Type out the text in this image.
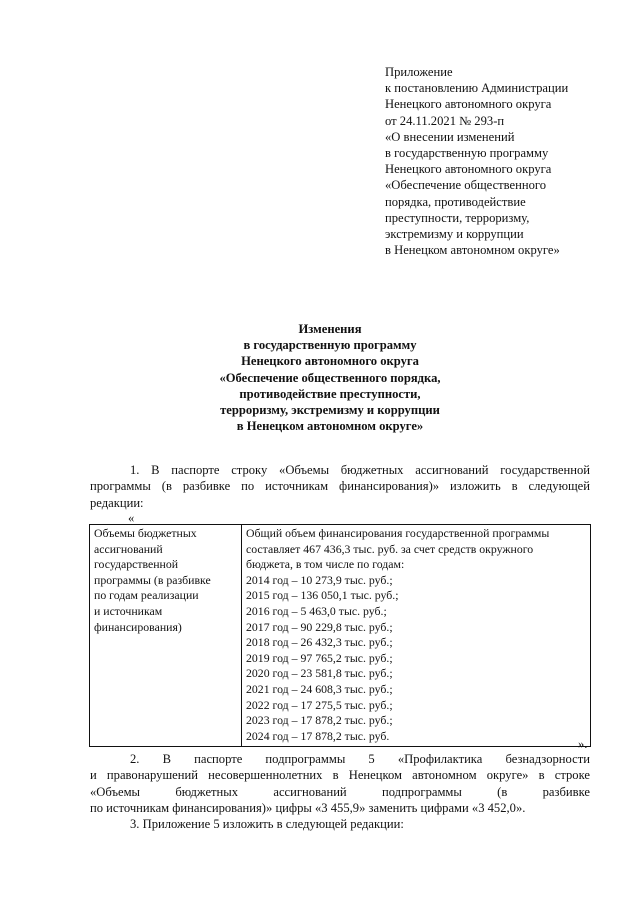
Приложение
к постановлению Администрации
Ненецкого автономного округа
от 24.11.2021 № 293-п
«О внесении изменений
в государственную программу
Ненецкого автономного округа
«Обеспечение общественного
порядка, противодействие
преступности, терроризму,
экстремизму и коррупции
в Ненецком автономном округе»
Изменения
в государственную программу
Ненецкого автономного округа
«Обеспечение общественного порядка,
противодействие преступности,
терроризму, экстремизму и коррупции
в Ненецком автономном округе»
1. В паспорте строку «Объемы бюджетных ассигнований государственной
программы (в разбивке по источникам финансирования)» изложить в следующей
редакции:
«
Объемы бюджетных
ассигнований
государственной
программы (в разбивке
по годам реализации
и источникам
финансирования)

Общий объем финансирования государственной программы
составляет 467 436,3 тыс. руб. за счет средств окружного
бюджета, в том числе по годам:
2014 год – 10 273,9 тыс. руб.;
2015 год – 136 050,1 тыс. руб.;
2016 год – 5 463,0 тыс. руб.;
2017 год – 90 229,8 тыс. руб.;
2018 год – 26 432,3 тыс. руб.;
2019 год – 97 765,2 тыс. руб.;
2020 год – 23 581,8 тыс. руб.;
2021 год – 24 608,3 тыс. руб.;
2022 год – 17 275,5 тыс. руб.;
2023 год – 17 878,2 тыс. руб.;
2024 год – 17 878,2 тыс. руб.
».
2. В паспорте подпрограммы 5 «Профилактика безнадзорности
и правонарушений несовершеннолетних в Ненецком автономном округе» в строке
«Объемы бюджетных ассигнований подпрограммы (в разбивке
по источникам финансирования)» цифры «3 455,9» заменить цифрами «3 452,0».
3. Приложение 5 изложить в следующей редакции:
